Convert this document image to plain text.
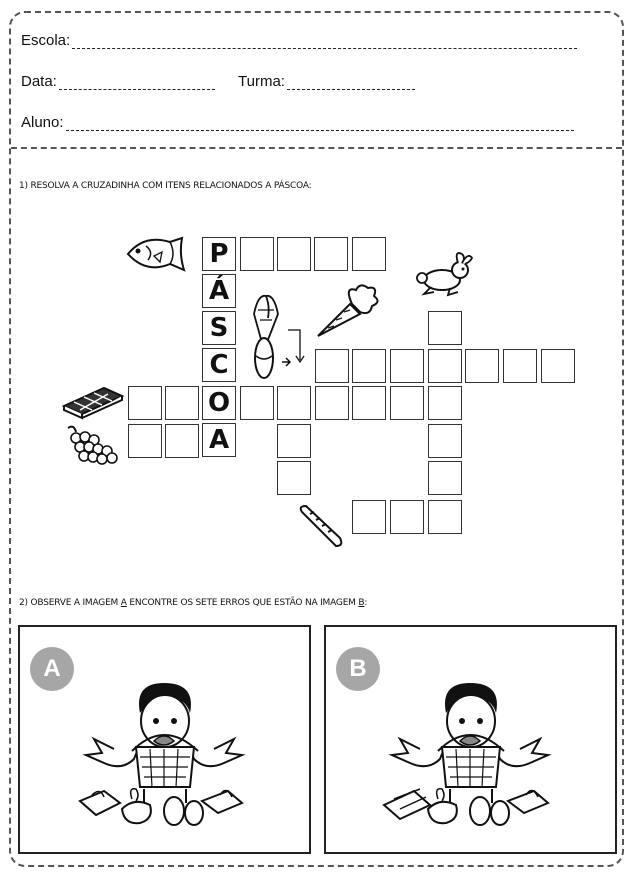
Escola:
Data:	Turma:
Aluno:
1) RESOLVA A CRUZADINHA COM ITENS RELACIONADOS A PÁSCOA:
P
Á
S
C
O
A
2) OBSERVE A IMAGEM A ENCONTRE OS SETE ERROS QUE ESTÃO NA IMAGEM B:
A	B
